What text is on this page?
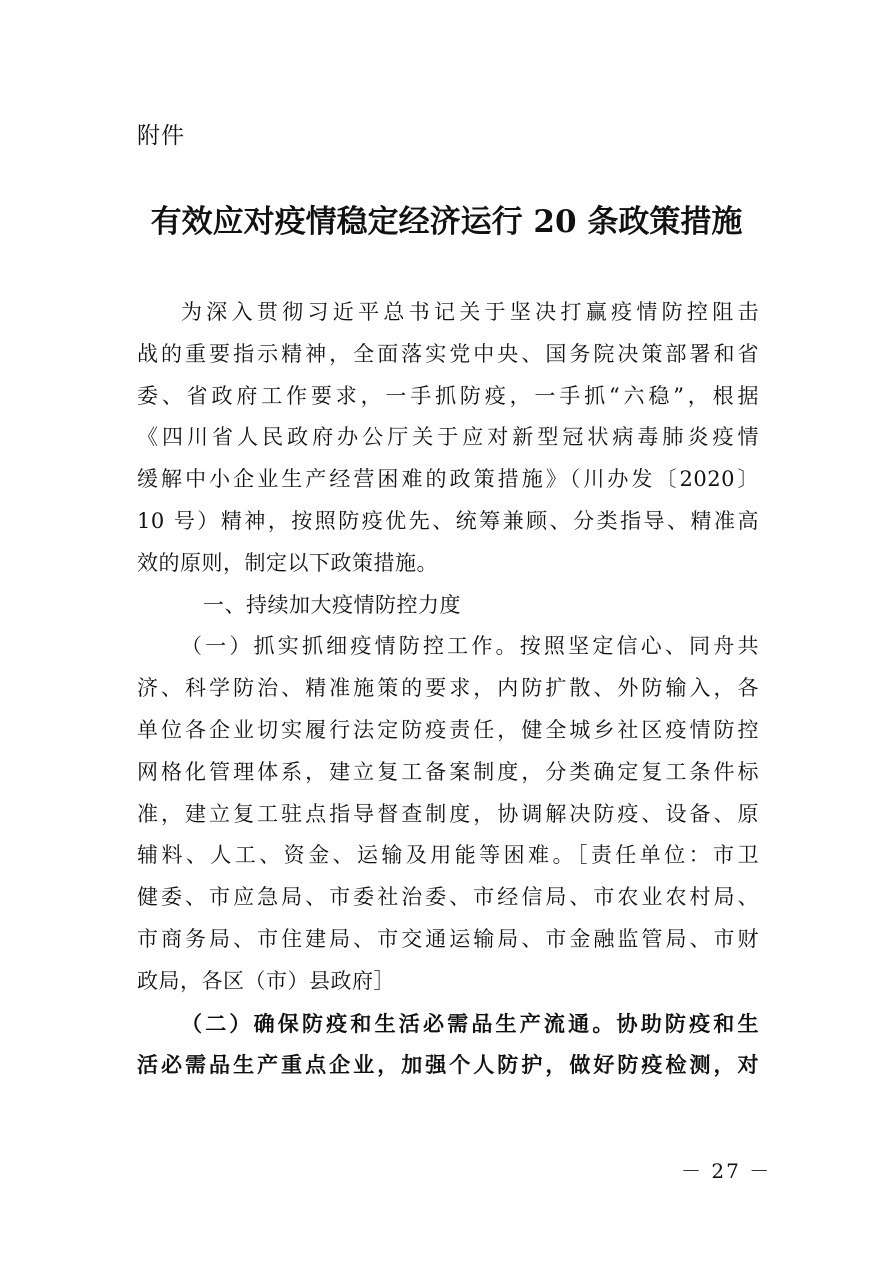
附件
有效应对疫情稳定经济运行 20 条政策措施
为深入贯彻习近平总书记关于坚决打赢疫情防控阻击
战的重要指示精神，全面落实党中央、国务院决策部署和省
委、省政府工作要求，一手抓防疫，一手抓“六稳”，根据
《四川省人民政府办公厅关于应对新型冠状病毒肺炎疫情
缓解中小企业生产经营困难的政策措施》（川办发〔2020〕
10 号）精神，按照防疫优先、统筹兼顾、分类指导、精准高
效的原则，制定以下政策措施。
一、持续加大疫情防控力度
（一）抓实抓细疫情防控工作。按照坚定信心、同舟共
济、科学防治、精准施策的要求，内防扩散、外防输入，各
单位各企业切实履行法定防疫责任，健全城乡社区疫情防控
网格化管理体系，建立复工备案制度，分类确定复工条件标
准，建立复工驻点指导督查制度，协调解决防疫、设备、原
辅料、人工、资金、运输及用能等困难。［责任单位：市卫
健委、市应急局、市委社治委、市经信局、市农业农村局、
市商务局、市住建局、市交通运输局、市金融监管局、市财
政局，各区（市）县政府］
（二）确保防疫和生活必需品生产流通。协助防疫和生
活必需品生产重点企业，加强个人防护，做好防疫检测，对
－ 27 －
